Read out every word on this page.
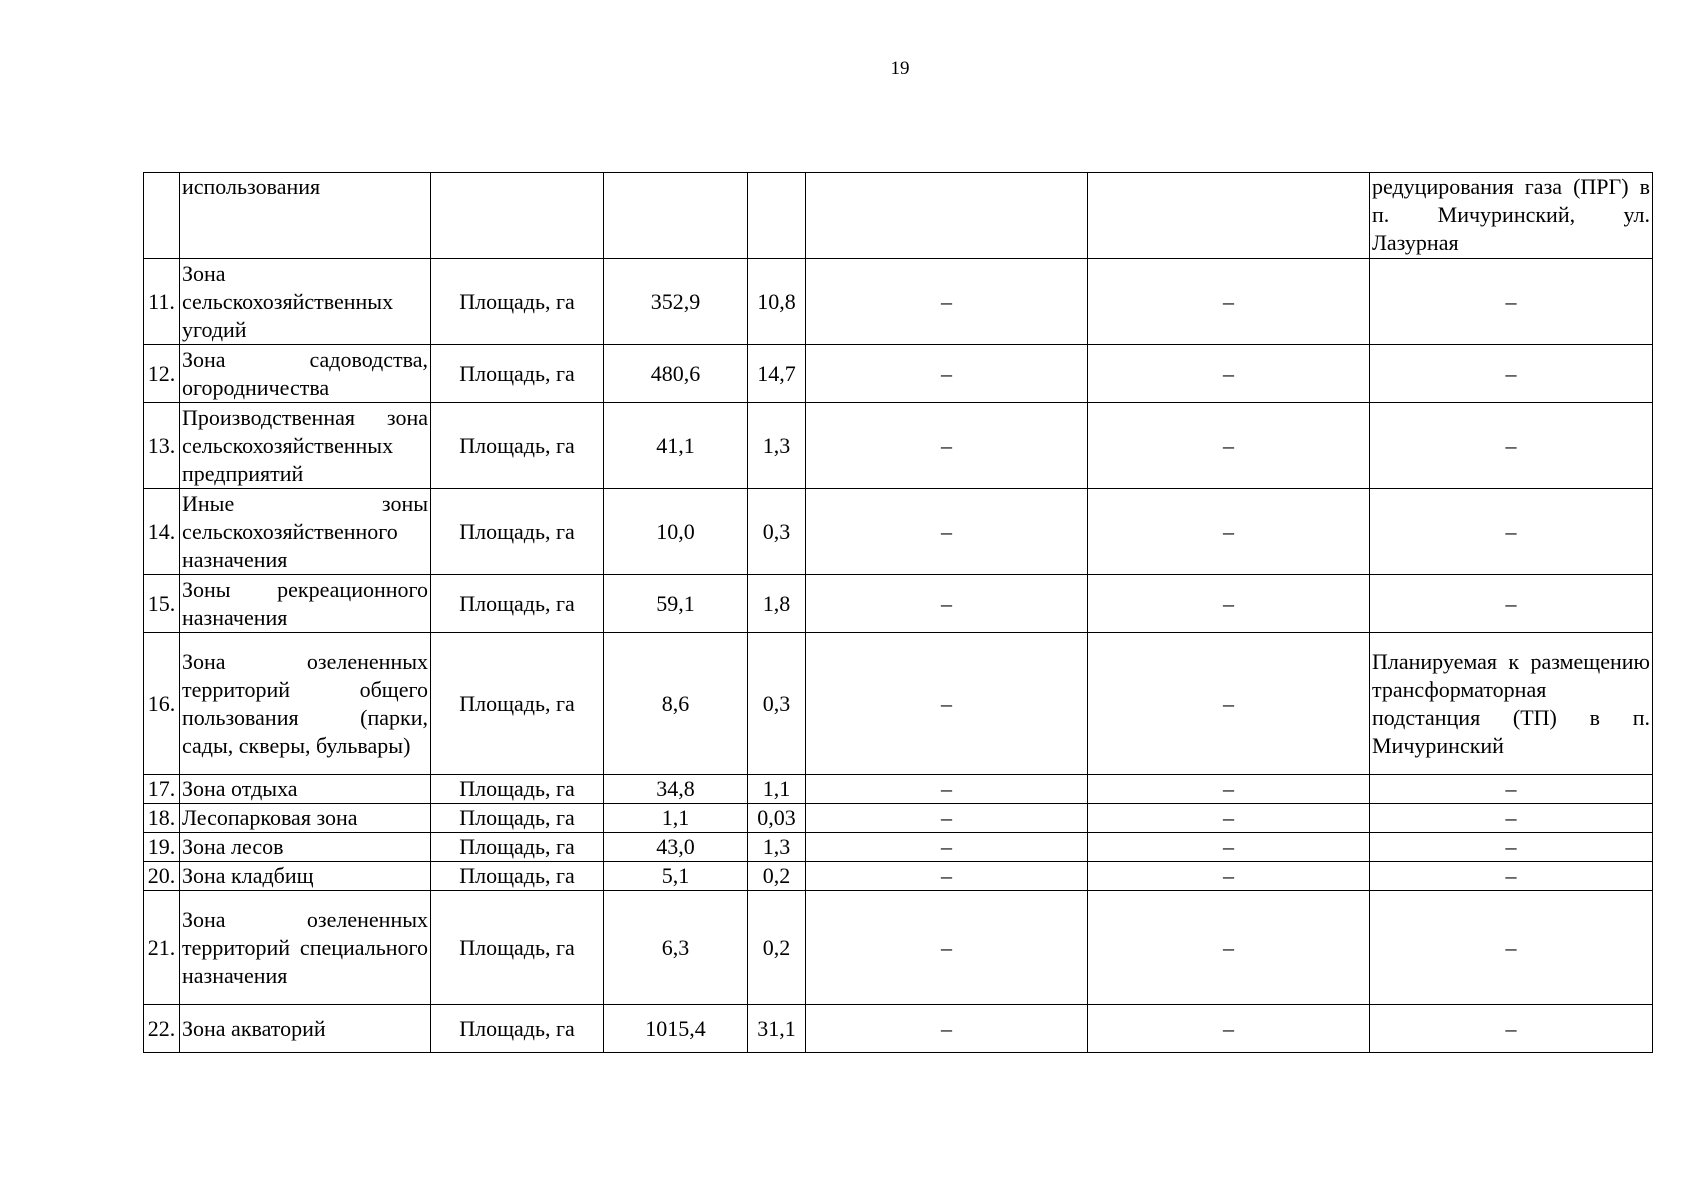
19
	использования						редуцирования газа (ПРГ) в п. Мичуринский, ул. Лазурная
11.	Зона сельскохозяйственных угодий	Площадь, га	352,9	10,8	–	–	–
12.	Зона садоводства, огородничества	Площадь, га	480,6	14,7	–	–	–
13.	Производственная зона сельскохозяйственных предприятий	Площадь, га	41,1	1,3	–	–	–
14.	Иные зоны сельскохозяйственного назначения	Площадь, га	10,0	0,3	–	–	–
15.	Зоны рекреационного назначения	Площадь, га	59,1	1,8	–	–	–
16.	Зона озелененных территорий общего пользования (парки, сады, скверы, бульвары)	Площадь, га	8,6	0,3	–	–	Планируемая к размещению трансформаторная подстанция (ТП) в п. Мичуринский
17.	Зона отдыха	Площадь, га	34,8	1,1	–	–	–
18.	Лесопарковая зона	Площадь, га	1,1	0,03	–	–	–
19.	Зона лесов	Площадь, га	43,0	1,3	–	–	–
20.	Зона кладбищ	Площадь, га	5,1	0,2	–	–	–
21.	Зона озелененных территорий специального назначения	Площадь, га	6,3	0,2	–	–	–
22.	Зона акваторий	Площадь, га	1015,4	31,1	–	–	–
